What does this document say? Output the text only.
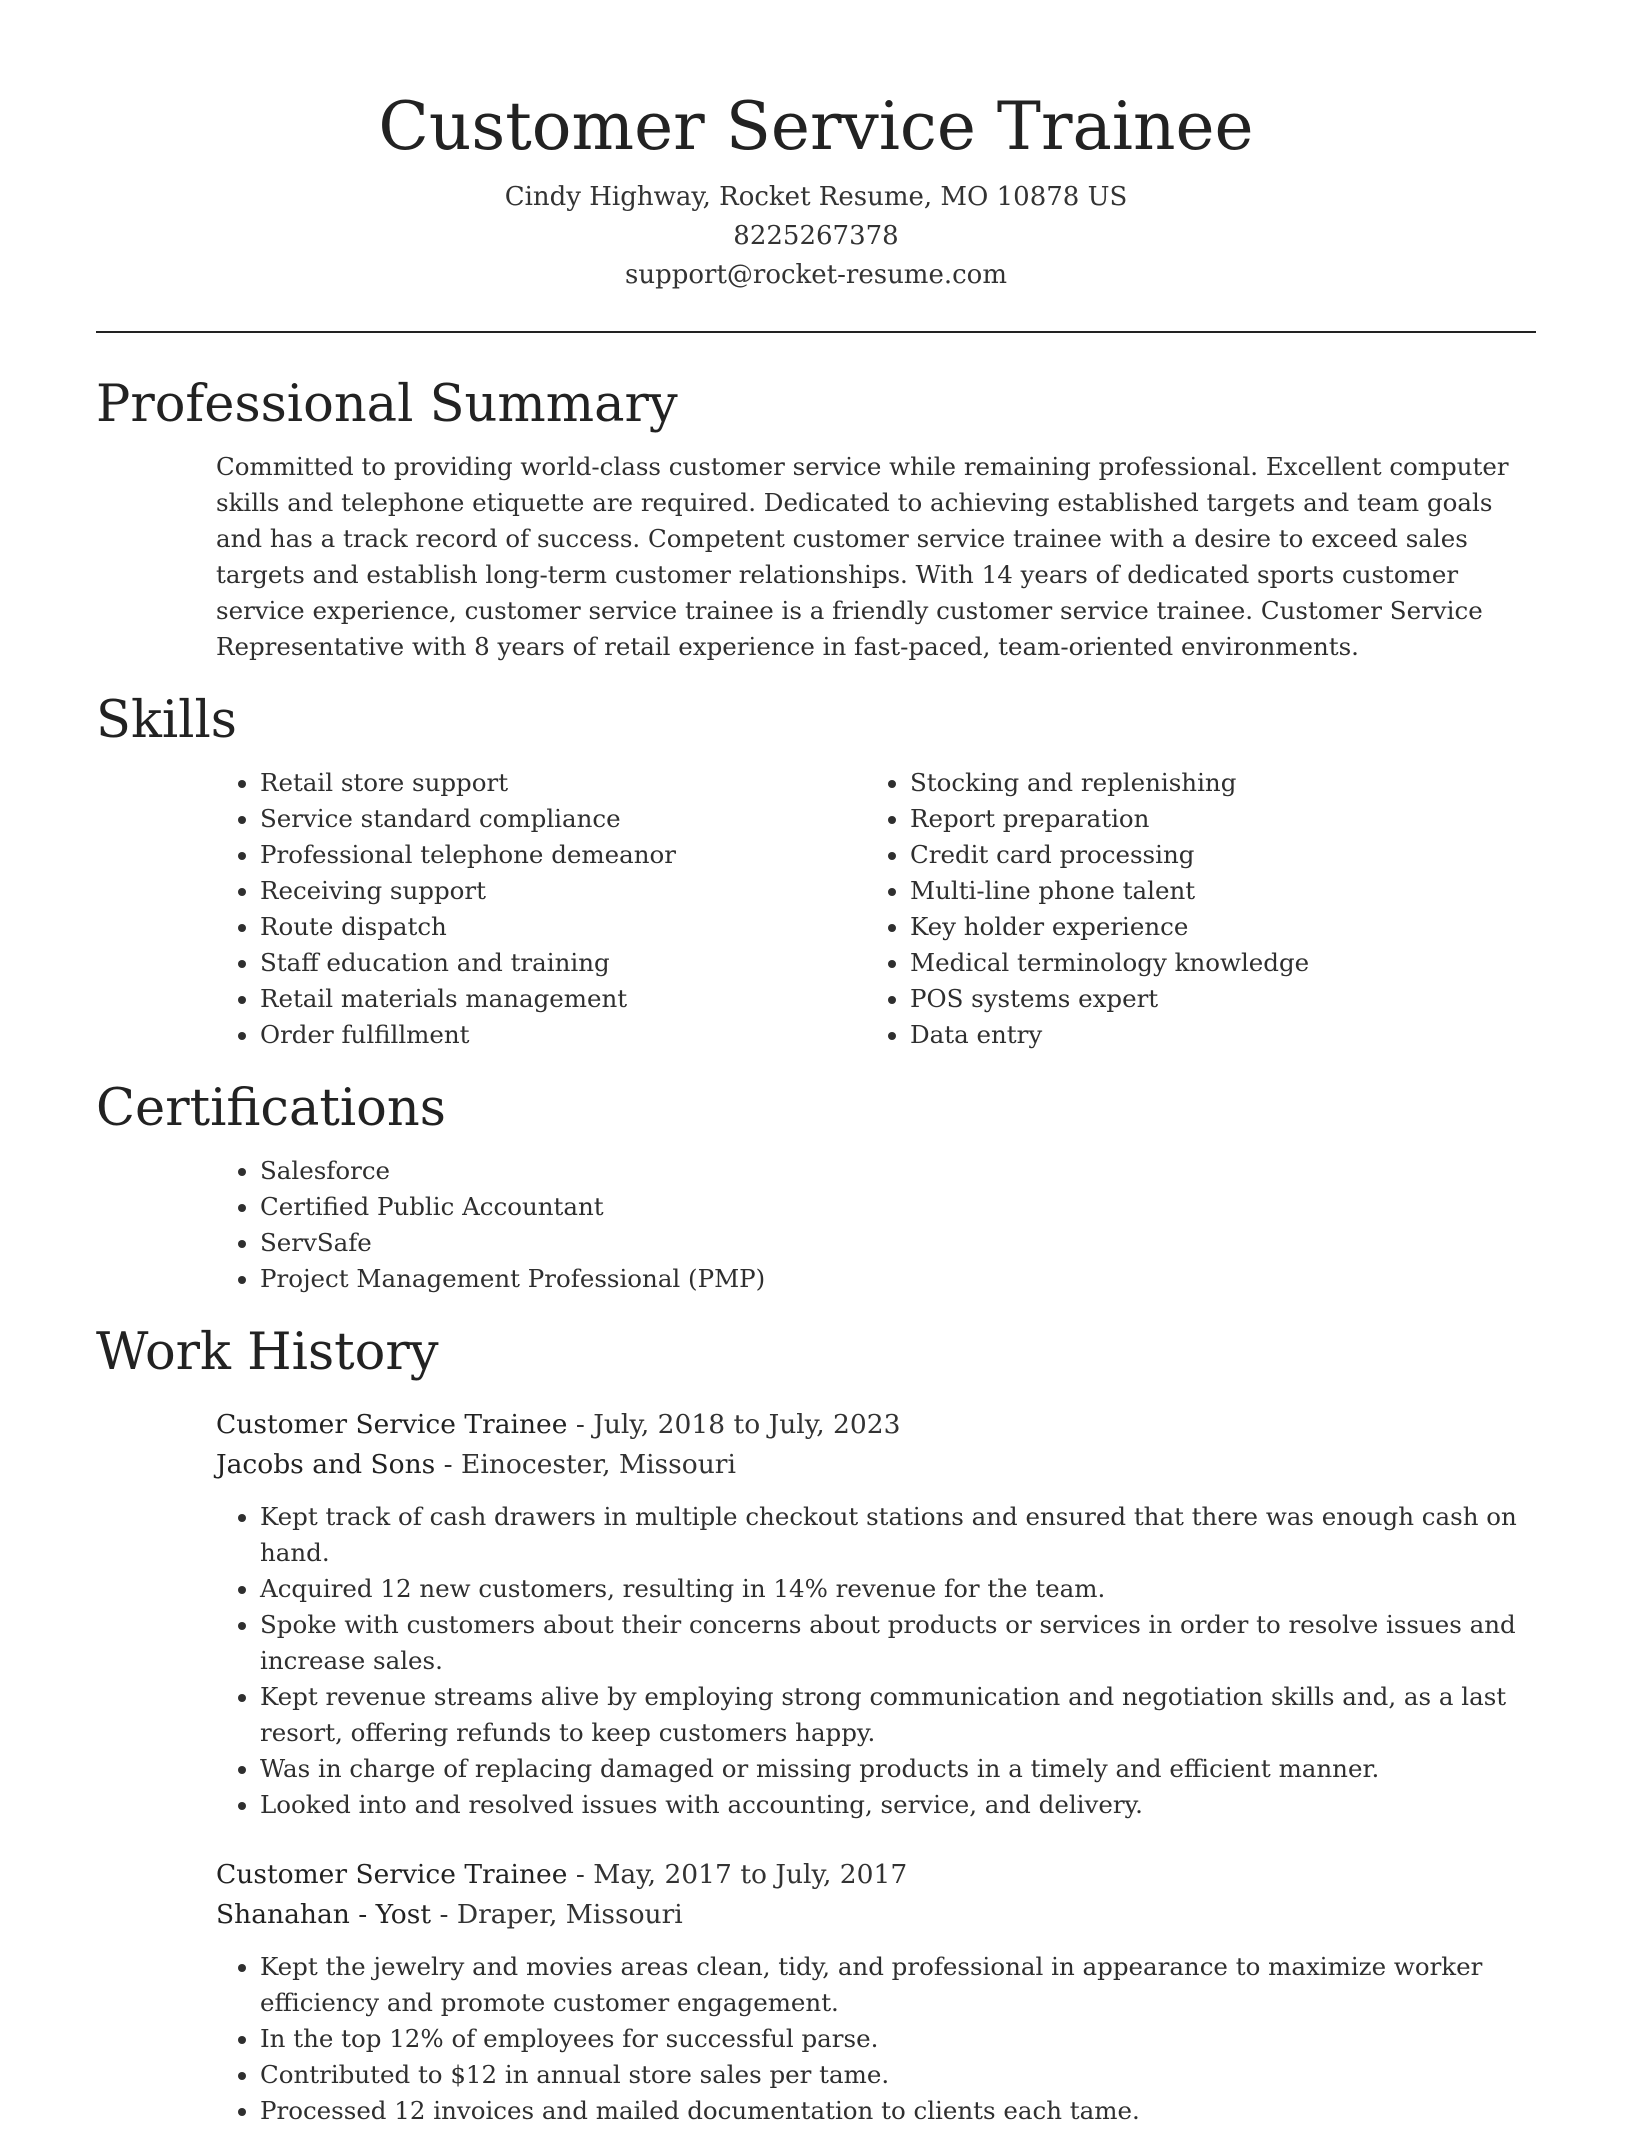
Customer Service Trainee
Cindy Highway, Rocket Resume, MO 10878 US
8225267378
support@rocket-resume.com
Professional Summary
Committed to providing world-class customer service while remaining professional. Excellent computer skills and telephone etiquette are required. Dedicated to achieving established targets and team goals and has a track record of success. Competent customer service trainee with a desire to exceed sales targets and establish long-term customer relationships. With 14 years of dedicated sports customer service experience, customer service trainee is a friendly customer service trainee. Customer Service Representative with 8 years of retail experience in fast-paced, team-oriented environments.
Skills
• Retail store support
• Service standard compliance
• Professional telephone demeanor
• Receiving support
• Route dispatch
• Staff education and training
• Retail materials management
• Order fulfillment
• Stocking and replenishing
• Report preparation
• Credit card processing
• Multi-line phone talent
• Key holder experience
• Medical terminology knowledge
• POS systems expert
• Data entry
Certifications
• Salesforce
• Certified Public Accountant
• ServSafe
• Project Management Professional (PMP)
Work History
Customer Service Trainee - July, 2018 to July, 2023
Jacobs and Sons - Einocester, Missouri
• Kept track of cash drawers in multiple checkout stations and ensured that there was enough cash on hand.
• Acquired 12 new customers, resulting in 14% revenue for the team.
• Spoke with customers about their concerns about products or services in order to resolve issues and increase sales.
• Kept revenue streams alive by employing strong communication and negotiation skills and, as a last resort, offering refunds to keep customers happy.
• Was in charge of replacing damaged or missing products in a timely and efficient manner.
• Looked into and resolved issues with accounting, service, and delivery.
Customer Service Trainee - May, 2017 to July, 2017
Shanahan - Yost - Draper, Missouri
• Kept the jewelry and movies areas clean, tidy, and professional in appearance to maximize worker efficiency and promote customer engagement.
• In the top 12% of employees for successful parse.
• Contributed to $12 in annual store sales per tame.
• Processed 12 invoices and mailed documentation to clients each tame.
